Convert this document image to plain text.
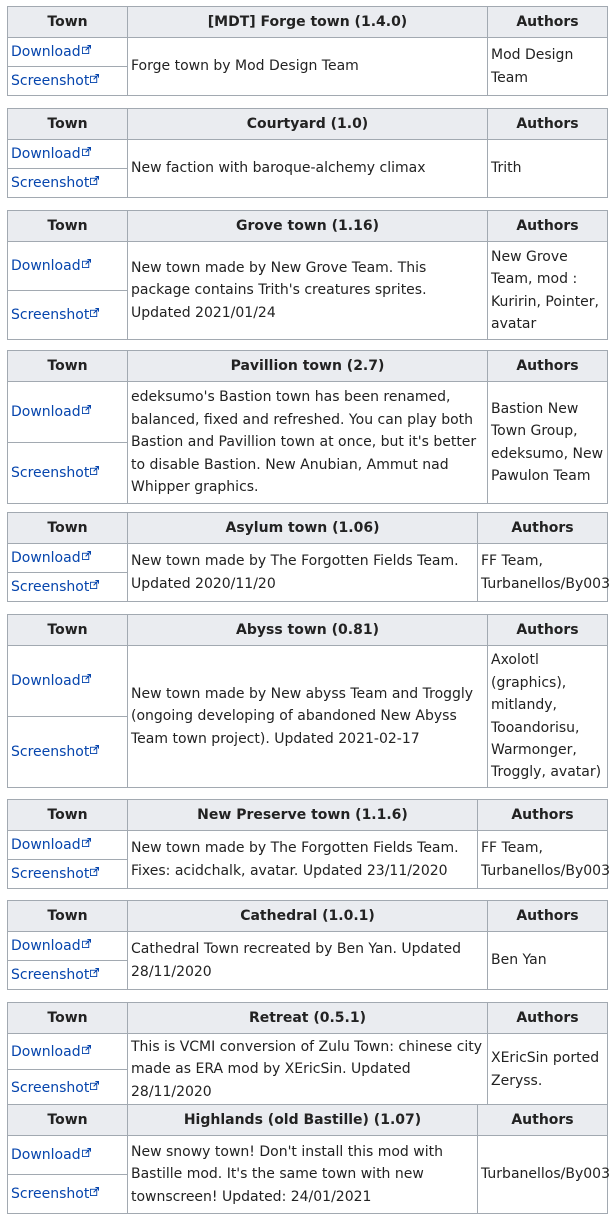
Town	[MDT] Forge town (1.4.0)	Authors
Download	Forge town by Mod Design Team	Mod Design Team
Screenshot		
Town	Courtyard (1.0)	Authors
Download	New faction with baroque-alchemy climax	Trith
Screenshot		
Town	Grove town (1.16)	Authors
Download	New town made by New Grove Team. This package contains Trith's creatures sprites. Updated 2021/01/24	New Grove Team, mod : Kuririn, Pointer, avatar
Screenshot		
Town	Pavillion town (2.7)	Authors
Download	edeksumo's Bastion town has been renamed, balanced, fixed and refreshed. You can play both Bastion and Pavillion town at once, but it's better to disable Bastion. New Anubian, Ammut nad Whipper graphics.	Bastion New Town Group, edeksumo, New Pawulon Team
Screenshot		
Town	Asylum town (1.06)	Authors
Download	New town made by The Forgotten Fields Team. Updated 2020/11/20	FF Team, Turbanellos/By003
Screenshot		
Town	Abyss town (0.81)	Authors
Download	New town made by New abyss Team and Troggly (ongoing developing of abandoned New Abyss Team town project). Updated 2021-02-17	Axolotl (graphics), mitlandy, Tooandorisu, Warmonger, Troggly, avatar)
Screenshot		
Town	New Preserve town (1.1.6)	Authors
Download	New town made by The Forgotten Fields Team. Fixes: acidchalk, avatar. Updated 23/11/2020	FF Team, Turbanellos/By003
Screenshot		
Town	Cathedral (1.0.1)	Authors
Download	Cathedral Town recreated by Ben Yan. Updated 28/11/2020	Ben Yan
Screenshot		
Town	Retreat (0.5.1)	Authors
Download	This is VCMI conversion of Zulu Town: chinese city made as ERA mod by XEricSin. Updated 28/11/2020	XEricSin ported Zeryss.
Screenshot		
Town	Highlands (old Bastille) (1.07)	Authors
Download	New snowy town! Don't install this mod with Bastille mod. It's the same town with new townscreen! Updated: 24/01/2021	Turbanellos/By003
Screenshot		
